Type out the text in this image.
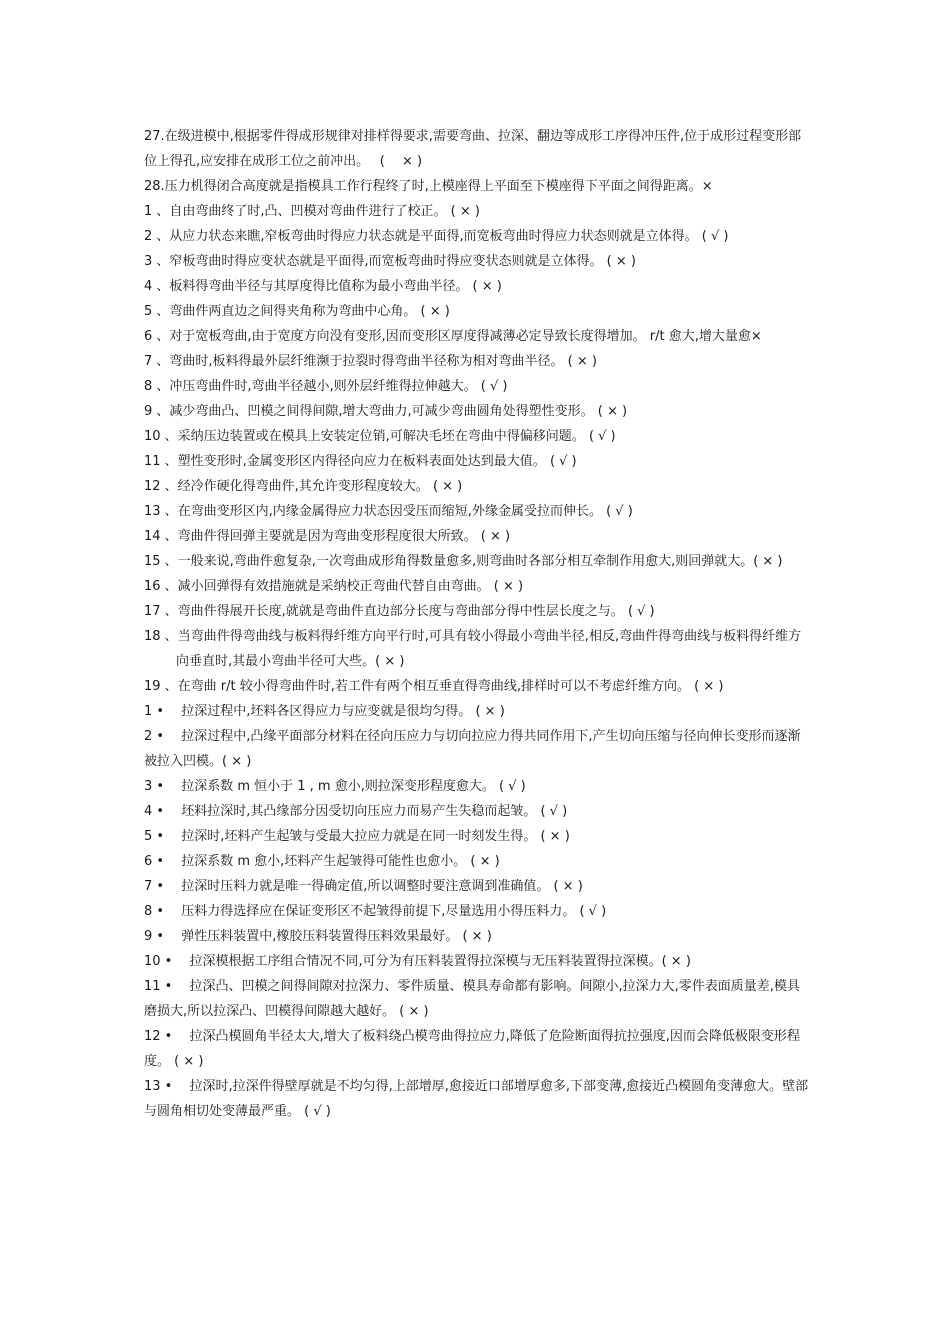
27.在级进模中,根据零件得成形规律对排样得要求,需要弯曲、拉深、翻边等成形工序得冲压件,位于成形过程变形部位上得孔,应安排在成形工位之前冲出。　 (　 × )

28.压力机得闭合高度就是指模具工作行程终了时,上模座得上平面至下模座得下平面之间得距离。×

1 、自由弯曲终了时,凸、凹模对弯曲件进行了校正。 ( × )

2 、从应力状态来瞧,窄板弯曲时得应力状态就是平面得,而宽板弯曲时得应力状态则就是立体得。 ( √ )

3 、窄板弯曲时得应变状态就是平面得,而宽板弯曲时得应变状态则就是立体得。 ( × )

4 、板料得弯曲半径与其厚度得比值称为最小弯曲半径。 ( × )

5 、弯曲件两直边之间得夹角称为弯曲中心角。 ( × )

6 、对于宽板弯曲,由于宽度方向没有变形,因而变形区厚度得减薄必定导致长度得增加。 r/t 愈大,增大量愈×

7 、弯曲时,板料得最外层纤维濒于拉裂时得弯曲半径称为相对弯曲半径。 ( × )

8 、冲压弯曲件时,弯曲半径越小,则外层纤维得拉伸越大。 ( √ )

9 、减少弯曲凸、凹模之间得间隙,增大弯曲力,可减少弯曲圆角处得塑性变形。 ( × )

10 、采纳压边装置或在模具上安装定位销,可解决毛坯在弯曲中得偏移问题。 ( √ )

11 、塑性变形时,金属变形区内得径向应力在板料表面处达到最大值。 ( √ )

12 、经冷作硬化得弯曲件,其允许变形程度较大。 ( × )

13 、在弯曲变形区内,内缘金属得应力状态因受压而缩短,外缘金属受拉而伸长。 ( √ )

14 、弯曲件得回弹主要就是因为弯曲变形程度很大所致。 ( × )

15 、一般来说,弯曲件愈复杂,一次弯曲成形角得数量愈多,则弯曲时各部分相互牵制作用愈大,则回弹就大。( × )

16 、减小回弹得有效措施就是采纳校正弯曲代替自由弯曲。 ( × )

17 、弯曲件得展开长度,就就是弯曲件直边部分长度与弯曲部分得中性层长度之与。 ( √ )

18 、当弯曲件得弯曲线与板料得纤维方向平行时,可具有较小得最小弯曲半径,相反,弯曲件得弯曲线与板料得纤维方向垂直时,其最小弯曲半径可大些。( × )

19 、在弯曲 r/t 较小得弯曲件时,若工件有两个相互垂直得弯曲线,排样时可以不考虑纤维方向。 ( × )

1 •　 拉深过程中,坯料各区得应力与应变就是很均匀得。 ( × )

2 •　 拉深过程中,凸缘平面部分材料在径向压应力与切向拉应力得共同作用下,产生切向压缩与径向伸长变形而逐渐被拉入凹模。( × )

3 •　 拉深系数 m 恒小于 1 , m 愈小,则拉深变形程度愈大。 ( √ )

4 •　 坯料拉深时,其凸缘部分因受切向压应力而易产生失稳而起皱。 ( √ )

5 •　 拉深时,坯料产生起皱与受最大拉应力就是在同一时刻发生得。 ( × )

6 •　 拉深系数 m 愈小,坯料产生起皱得可能性也愈小。 ( × )

7 •　 拉深时压料力就是唯一得确定值,所以调整时要注意调到准确值。 ( × )

8 •　 压料力得选择应在保证变形区不起皱得前提下,尽量选用小得压料力。 ( √ )

9 •　 弹性压料装置中,橡胶压料装置得压料效果最好。 ( × )

10 •　 拉深模根据工序组合情况不同,可分为有压料装置得拉深模与无压料装置得拉深模。( × )

11 •　 拉深凸、凹模之间得间隙对拉深力、零件质量、模具寿命都有影响。间隙小,拉深力大,零件表面质量差,模具磨损大,所以拉深凸、凹模得间隙越大越好。 ( × )

12 •　 拉深凸模圆角半径太大,增大了板料绕凸模弯曲得拉应力,降低了危险断面得抗拉强度,因而会降低极限变形程度。 ( × )

13 •　 拉深时,拉深件得壁厚就是不均匀得,上部增厚,愈接近口部增厚愈多,下部变薄,愈接近凸模圆角变薄愈大。壁部与圆角相切处变薄最严重。 ( √ )
